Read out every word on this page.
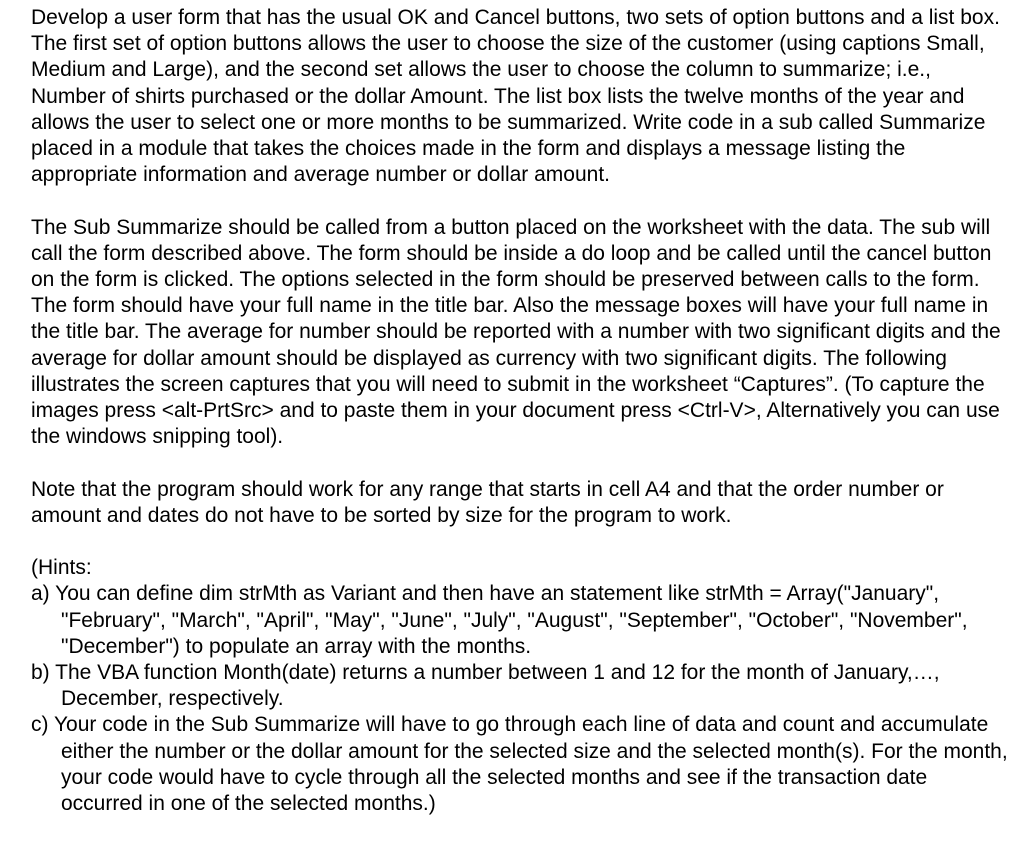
Develop a user form that has the usual OK and Cancel buttons, two sets of option buttons and a list box. The first set of option buttons allows the user to choose the size of the customer (using captions Small, Medium and Large), and the second set allows the user to choose the column to summarize; i.e., Number of shirts purchased or the dollar Amount. The list box lists the twelve months of the year and allows the user to select one or more months to be summarized. Write code in a sub called Summarize placed in a module that takes the choices made in the form and displays a message listing the appropriate information and average number or dollar amount.

The Sub Summarize should be called from a button placed on the worksheet with the data. The sub will call the form described above. The form should be inside a do loop and be called until the cancel button on the form is clicked. The options selected in the form should be preserved between calls to the form. The form should have your full name in the title bar. Also the message boxes will have your full name in the title bar. The average for number should be reported with a number with two significant digits and the average for dollar amount should be displayed as currency with two significant digits. The following illustrates the screen captures that you will need to submit in the worksheet “Captures”. (To capture the images press <alt-PrtSrc> and to paste them in your document press <Ctrl-V>, Alternatively you can use the windows snipping tool).

Note that the program should work for any range that starts in cell A4 and that the order number or amount and dates do not have to be sorted by size for the program to work.

(Hints:

a) You can define dim strMth as Variant and then have an statement like strMth = Array("January", "February", "March", "April", "May", "June", "July", "August", "September", "October", "November", "December") to populate an array with the months.

b) The VBA function Month(date) returns a number between 1 and 12 for the month of January,…, December, respectively.

c) Your code in the Sub Summarize will have to go through each line of data and count and accumulate either the number or the dollar amount for the selected size and the selected month(s). For the month, your code would have to cycle through all the selected months and see if the transaction date occurred in one of the selected months.)
